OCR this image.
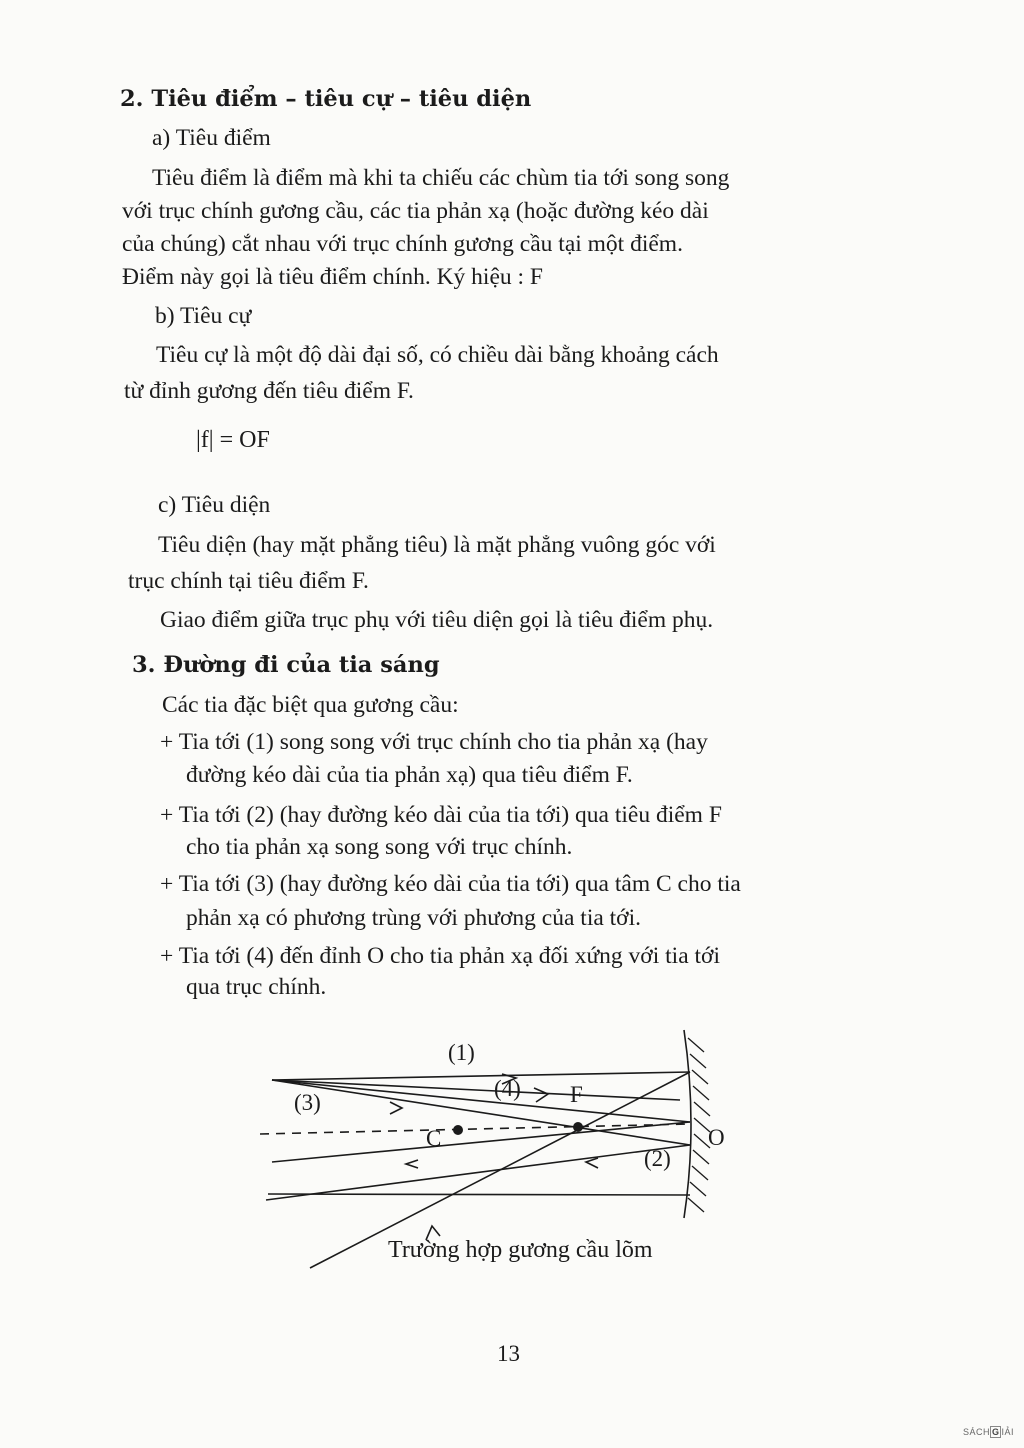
2. Tiêu điểm – tiêu cự – tiêu diện
a) Tiêu điểm
Tiêu điểm là điểm mà khi ta chiếu các chùm tia tới song song
với trục chính gương cầu, các tia phản xạ (hoặc đường kéo dài
của chúng) cắt nhau với trục chính gương cầu tại một điểm.
Điểm này gọi là tiêu điểm chính. Ký hiệu : F
b) Tiêu cự
Tiêu cự là một độ dài đại số, có chiều dài bằng khoảng cách
từ đỉnh gương đến tiêu điểm F.
|f| = OF
c) Tiêu diện
Tiêu diện (hay mặt phẳng tiêu) là mặt phẳng vuông góc với
trục chính tại tiêu điểm F.
Giao điểm giữa trục phụ với tiêu diện gọi là tiêu điểm phụ.
3. Đường đi của tia sáng
Các tia đặc biệt qua gương cầu:
+ Tia tới (1) song song với trục chính cho tia phản xạ (hay
đường kéo dài của tia phản xạ) qua tiêu điểm F.
+ Tia tới (2) (hay đường kéo dài của tia tới) qua tiêu điểm F
cho tia phản xạ song song với trục chính.
+ Tia tới (3) (hay đường kéo dài của tia tới) qua tâm C cho tia
phản xạ có phương trùng với phương của tia tới.
+ Tia tới (4) đến đỉnh O cho tia phản xạ đối xứng với tia tới
qua trục chính.
(1)
(4) F
(3)
C	O
(2)
Trường hợp gương cầu lõm
13
SÁCH G IẢI
